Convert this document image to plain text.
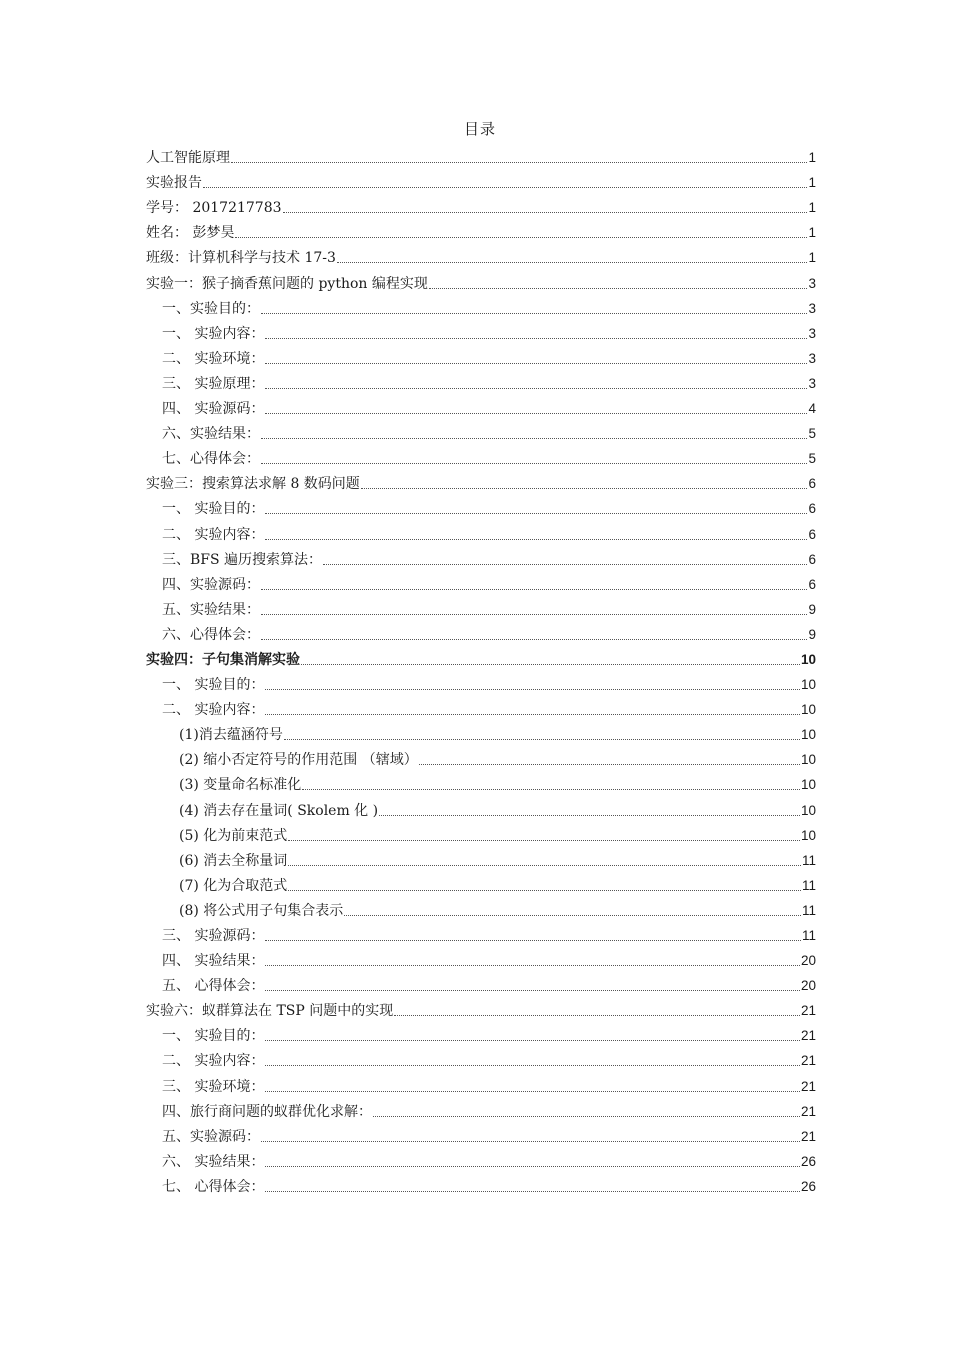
目录
人工智能原理	1
实验报告	1
学号： 2017217783	1
姓名： 彭梦昊	1
班级：计算机科学与技术 17-3	1
实验一：猴子摘香蕉问题的 python 编程实现	3
一、实验目的：	3
一、 实验内容：	3
二、 实验环境：	3
三、 实验原理：	3
四、 实验源码：	4
六、实验结果：	5
七、心得体会：	5
实验三：搜索算法求解 8 数码问题	6
一、 实验目的：	6
二、 实验内容：	6
三、BFS 遍历搜索算法：	6
四、实验源码：	6
五、实验结果：	9
六、心得体会：	9
实验四：子句集消解实验	10
一、 实验目的：	10
二、 实验内容：	10
(1)消去蕴涵符号	10
(2) 缩小否定符号的作用范围 （辖域）	10
(3) 变量命名标准化	10
(4) 消去存在量词( Skolem 化 )	10
(5) 化为前束范式	10
(6) 消去全称量词	11
(7) 化为合取范式	11
(8) 将公式用子句集合表示	11
三、 实验源码：	11
四、 实验结果：	20
五、 心得体会：	20
实验六：蚁群算法在 TSP 问题中的实现	21
一、 实验目的：	21
二、 实验内容：	21
三、 实验环境：	21
四、旅行商问题的蚁群优化求解：	21
五、实验源码：	21
六、 实验结果：	26
七、 心得体会：	26
